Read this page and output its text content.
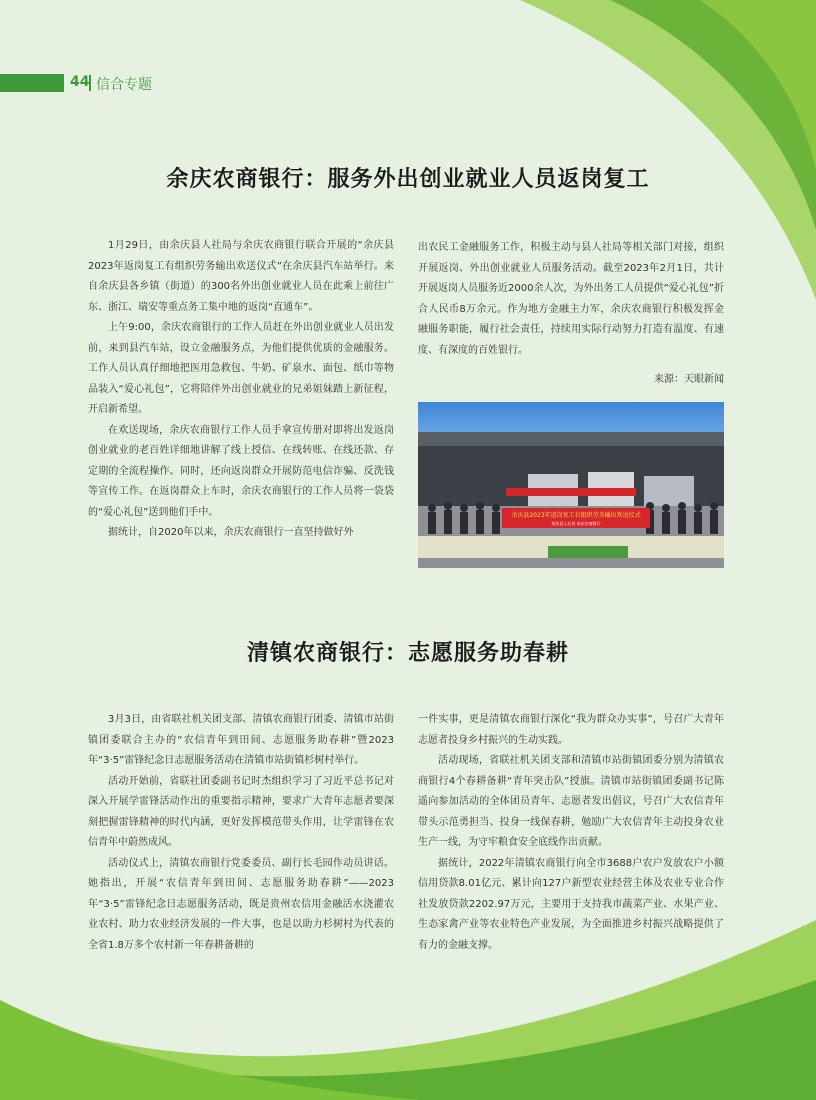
44 信合专题
余庆农商银行：服务外出创业就业人员返岗复工

1月29日，由余庆县人社局与余庆农商银行联合开展的“余庆县2023年返岗复工有组织劳务输出欢送仪式”在余庆县汽车站举行。来自余庆县各乡镇（街道）的300名外出创业就业人员在此乘上前往广东、浙江、瑞安等重点务工集中地的返岗“直通车”。

上午9:00，余庆农商银行的工作人员赶在外出创业就业人员出发前，来到县汽车站，设立金融服务点，为他们提供优质的金融服务。工作人员认真仔细地把医用急救包、牛奶、矿泉水、面包、纸巾等物品装入“爱心礼包”，它将陪伴外出创业就业的兄弟姐妹踏上新征程，开启新希望。

在欢送现场，余庆农商银行工作人员手拿宣传册对即将出发返岗创业就业的老百姓详细地讲解了线上授信、在线转账、在线还款、存定期的全流程操作。同时，还向返岗群众开展防范电信诈骗、反洗钱等宣传工作。在返岗群众上车时，余庆农商银行的工作人员将一袋袋的“爱心礼包”送到他们手中。

据统计，自2020年以来，余庆农商银行一直坚持做好外

出农民工金融服务工作，积极主动与县人社局等相关部门对接，组织开展返岗、外出创业就业人员服务活动。截至2023年2月1日，共计开展返岗人员服务近2000余人次，为外出务工人员提供“爱心礼包”折合人民币8万余元。作为地方金融主力军，余庆农商银行积极发挥金融服务职能，履行社会责任，持续用实际行动努力打造有温度、有速度、有深度的百姓银行。

来源：天眼新闻
余庆县2023年返岗复工有组织劳务输出欢送仪式
余庆县人社局 余庆农商银行
清镇农商银行：志愿服务助春耕

3月3日，由省联社机关团支部、清镇农商银行团委、清镇市站街镇团委联合主办的“农信青年到田间、志愿服务助春耕”暨2023年“3·5”雷锋纪念日志愿服务活动在清镇市站街镇杉树村举行。

活动开始前，省联社团委副书记时杰组织学习了习近平总书记对深入开展学雷锋活动作出的重要指示精神，要求广大青年志愿者要深刻把握雷锋精神的时代内涵，更好发挥模范带头作用，让学雷锋在农信青年中蔚然成风。

活动仪式上，清镇农商银行党委委员、副行长毛园作动员讲话。她指出，开展“农信青年到田间、志愿服务助春耕”——2023年“3·5”雷锋纪念日志愿服务活动，既是贵州农信用金融活水浇灌农业农村、助力农业经济发展的一件大事，也是以助力杉树村为代表的全省1.8万多个农村新一年春耕备耕的

一件实事，更是清镇农商银行深化“我为群众办实事”，号召广大青年志愿者投身乡村振兴的生动实践。

活动现场，省联社机关团支部和清镇市站街镇团委分别为清镇农商银行4个春耕备耕“青年突击队”授旗。清镇市站街镇团委副书记陈遥向参加活动的全体团员青年、志愿者发出倡议，号召广大农信青年带头示范勇担当、投身一线保春耕，勉励广大农信青年主动投身农业生产一线，为守牢粮食安全底线作出贡献。

据统计，2022年清镇农商银行向全市3688户农户发放农户小额信用贷款8.01亿元、累计向127户新型农业经营主体及农业专业合作社发放贷款2202.97万元，主要用于支持我市蔬菜产业、水果产业、生态家禽产业等农业特色产业发展，为全面推进乡村振兴战略提供了有力的金融支撑。
